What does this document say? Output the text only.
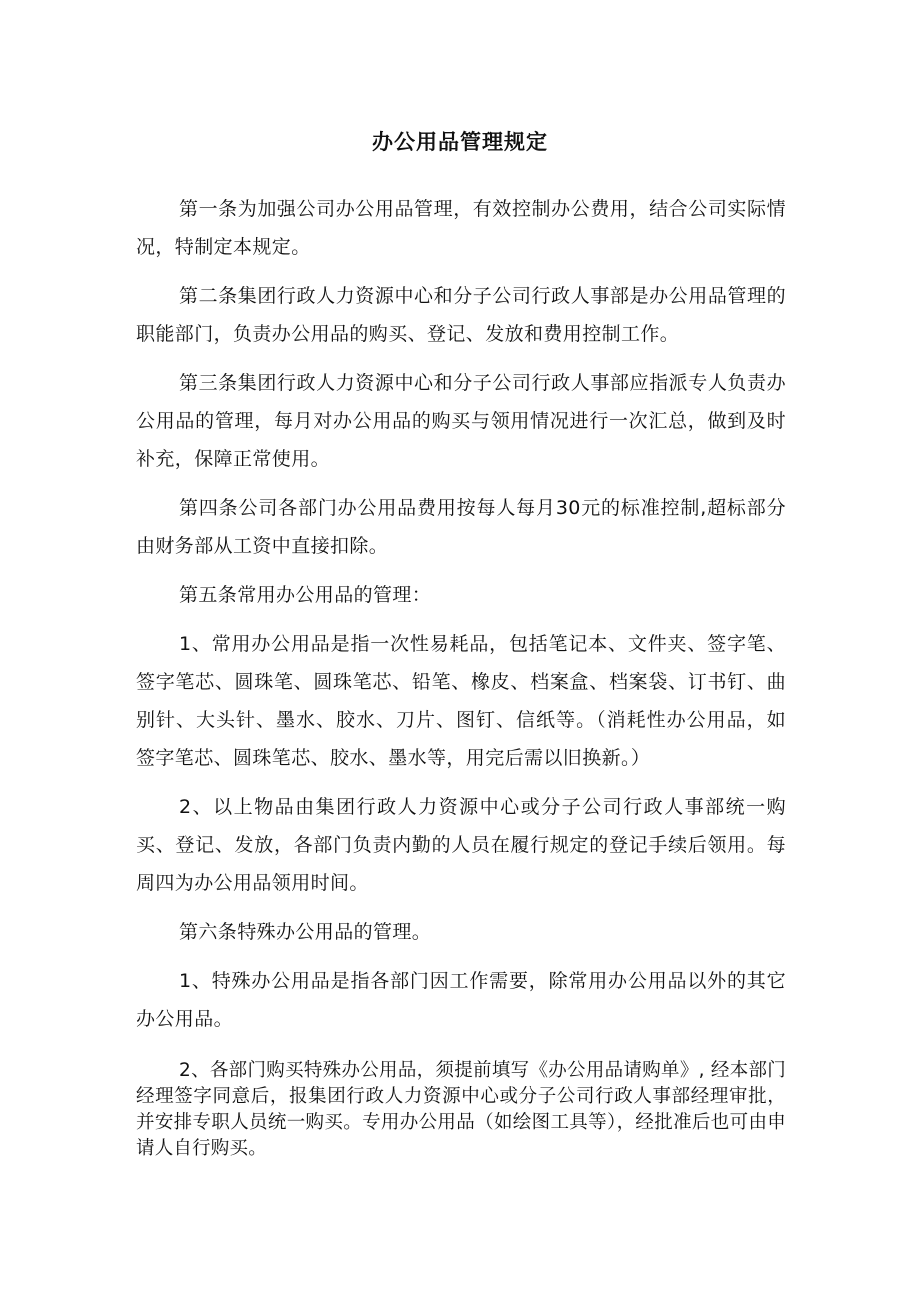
办公用品管理规定

第一条为加强公司办公用品管理，有效控制办公费用，结合公司实际情况，特制定本规定。

第二条集团行政人力资源中心和分子公司行政人事部是办公用品管理的职能部门，负责办公用品的购买、登记、发放和费用控制工作。

第三条集团行政人力资源中心和分子公司行政人事部应指派专人负责办公用品的管理，每月对办公用品的购买与领用情况进行一次汇总，做到及时补充，保障正常使用。

第四条公司各部门办公用品费用按每人每月30元的标准控制,超标部分由财务部从工资中直接扣除。

第五条常用办公用品的管理：

1、常用办公用品是指一次性易耗品，包括笔记本、文件夹、签字笔、签字笔芯、圆珠笔、圆珠笔芯、铅笔、橡皮、档案盒、档案袋、订书钉、曲别针、大头针、墨水、胶水、刀片、图钉、信纸等。（消耗性办公用品，如签字笔芯、圆珠笔芯、胶水、墨水等，用完后需以旧换新。）

2、以上物品由集团行政人力资源中心或分子公司行政人事部统一购买、登记、发放，各部门负责内勤的人员在履行规定的登记手续后领用。每周四为办公用品领用时间。

第六条特殊办公用品的管理。

1、特殊办公用品是指各部门因工作需要，除常用办公用品以外的其它办公用品。

2、各部门购买特殊办公用品，须提前填写《办公用品请购单》, 经本部门经理签字同意后，报集团行政人力资源中心或分子公司行政人事部经理审批，并安排专职人员统一购买。专用办公用品（如绘图工具等），经批准后也可由申请人自行购买。
